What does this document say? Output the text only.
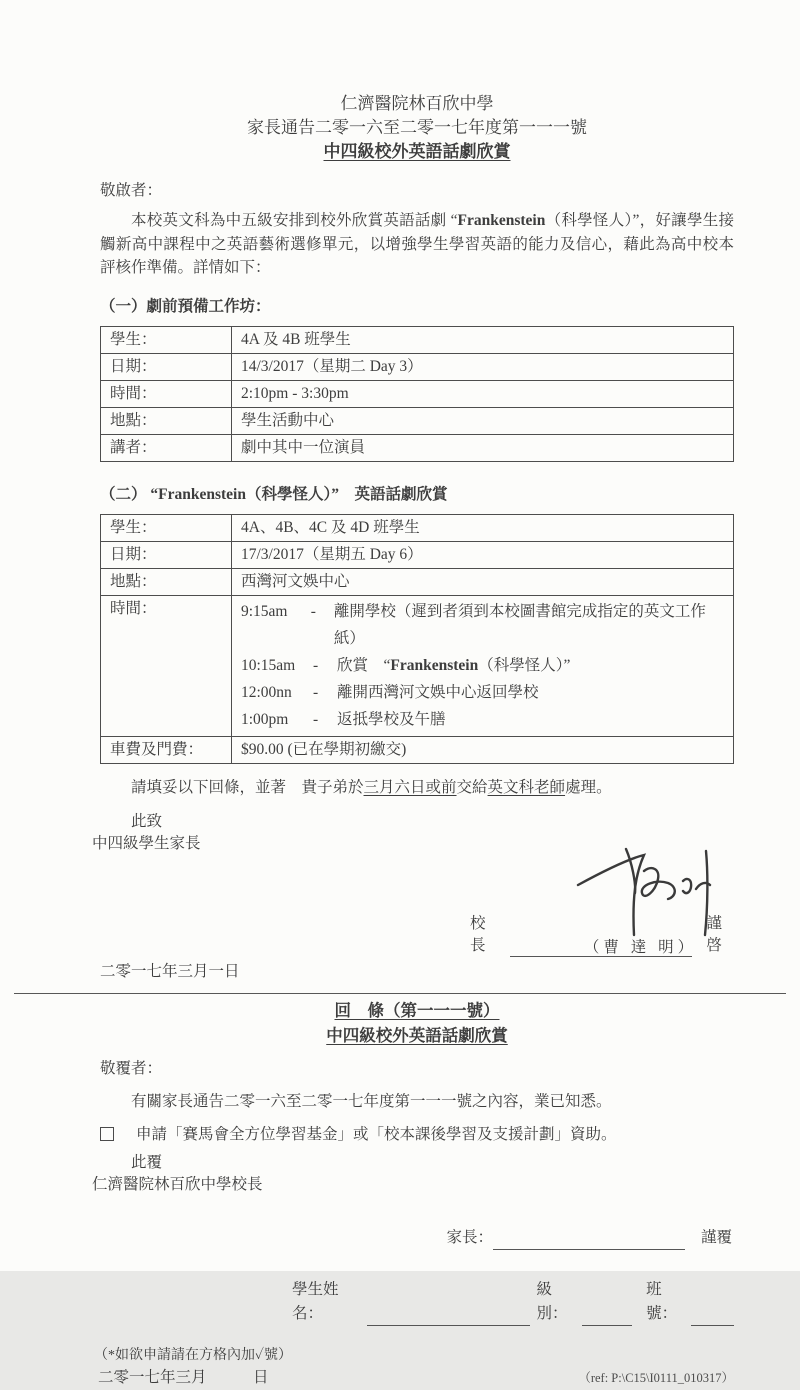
仁濟醫院林百欣中學
家長通告二零一六至二零一七年度第一一一號
中四級校外英語話劇欣賞
敬啟者：
本校英文科為中五級安排到校外欣賞英語話劇 “Frankenstein（科學怪人）”，好讓學生接觸新高中課程中之英語藝術選修單元，以增強學生學習英語的能力及信心，藉此為高中校本評核作準備。詳情如下：
（一）劇前預備工作坊：
學生：	4A 及 4B 班學生
日期：	14/3/2017（星期二 Day 3）
時間：	2:10pm - 3:30pm
地點：	學生活動中心
講者：	劇中其中一位演員
（二） “Frankenstein（科學怪人）”　英語話劇欣賞
學生：	4A、4B、4C 及 4D 班學生
日期：	17/3/2017（星期五 Day 6）
地點：	西灣河文娛中心
時間：	9:15am	-	離開學校（遲到者須到本校圖書館完成指定的英文工作紙）
10:15am	-	欣賞　“Frankenstein（科學怪人）”
12:00nn	-	離開西灣河文娛中心返回學校
1:00pm	-	返抵學校及午膳

車費及門費：	$90.00 (已在學期初繳交)
請填妥以下回條，並著　貴子弟於三月六日或前交給英文科老師處理。
此致
中四級學生家長
校長
謹啓
（曹 達 明）
二零一七年三月一日
回　條（第一一一號）
中四級校外英語話劇欣賞
敬覆者：
有關家長通告二零一六至二零一七年度第一一一號之內容，業已知悉。
申請「賽馬會全方位學習基金」或「校本課後學習及支援計劃」資助。
此覆
仁濟醫院林百欣中學校長
家長：	謹覆
學生姓名：
級別：
班號：
（*如欲申請請在方格內加✓號）
二零一七年三月　　　日	（ref: P:\C15\I0111_010317）
